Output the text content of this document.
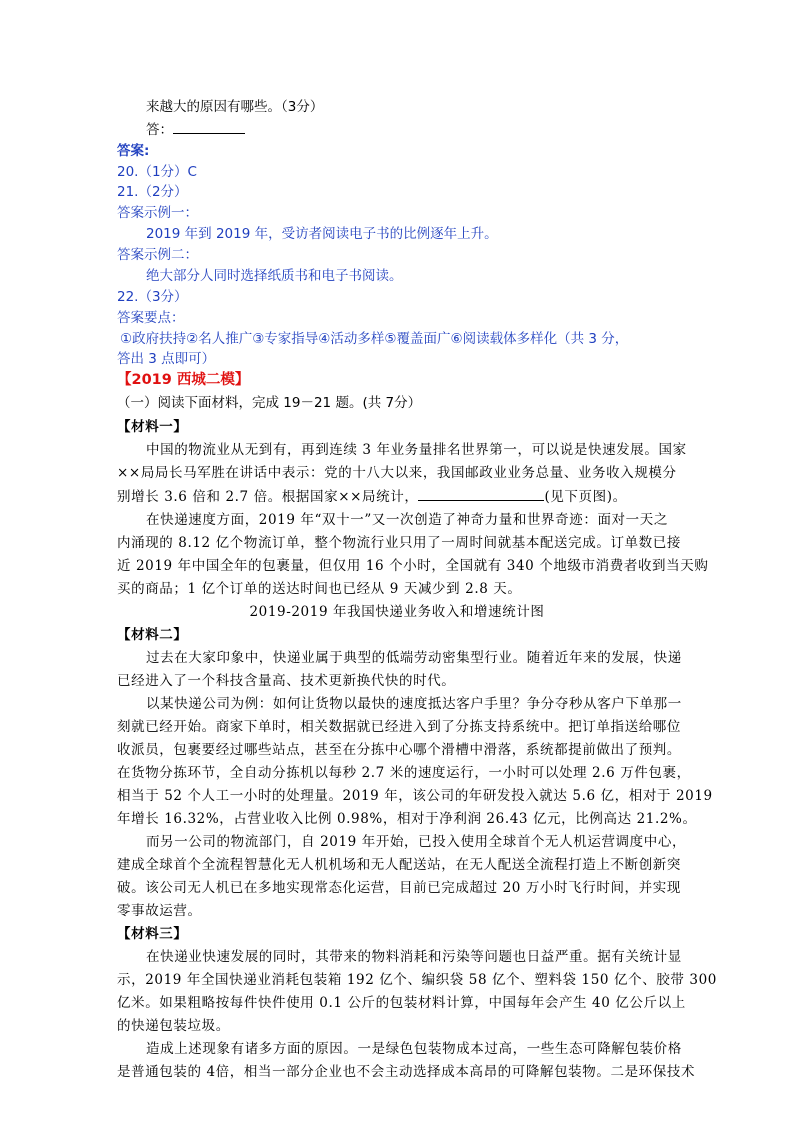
来越大的原因有哪些。（3分）
答：
答案:
20.（1分）C
21.（2分）
答案示例一：
2019 年到 2019 年，受访者阅读电子书的比例逐年上升。
答案示例二：
绝大部分人同时选择纸质书和电子书阅读。
22.（3分）
答案要点：
①政府扶持②名人推广③专家指导④活动多样⑤覆盖面广⑥阅读载体多样化（共 3 分，
答出 3 点即可）
【2019 西城二模】
（一）阅读下面材料，完成 19－21 题。(共 7分）
【材料一】
中国的物流业从无到有，再到连续 3 年业务量排名世界第一，可以说是快速发展。国家
××局局长马军胜在讲话中表示：党的十八大以来，我国邮政业业务总量、业务收入规模分
别增长 3.6 倍和 2.7 倍。根据国家××局统计，	(见下页图)。
在快递速度方面，2019 年“双十一”又一次创造了神奇力量和世界奇迹：面对一天之
内涌现的 8.12 亿个物流订单，整个物流行业只用了一周时间就基本配送完成。订单数已接
近 2019 年中国全年的包裹量，但仅用 16 个小时，全国就有 340 个地级市消费者收到当天购
买的商品；1 亿个订单的送达时间也已经从 9 天减少到 2.8 天。
2019-2019 年我国快递业务收入和增速统计图
【材料二】
过去在大家印象中，快递业属于典型的低端劳动密集型行业。随着近年来的发展，快递
已经进入了一个科技含量高、技术更新换代快的时代。
以某快递公司为例：如何让货物以最快的速度抵达客户手里？争分夺秒从客户下单那一
刻就已经开始。商家下单时，相关数据就已经进入到了分拣支持系统中。把订单指送给哪位
收派员，包裹要经过哪些站点，甚至在分拣中心哪个滑槽中滑落，系统都提前做出了预判。
在货物分拣环节，全自动分拣机以每秒 2.7 米的速度运行，一小时可以处理 2.6 万件包裹，
相当于 52 个人工一小时的处理量。2019 年，该公司的年研发投入就达 5.6 亿，相对于 2019
年增长 16.32%，占营业收入比例 0.98%，相对于净利润 26.43 亿元，比例高达 21.2%。
而另一公司的物流部门，自 2019 年开始，已投入使用全球首个无人机运营调度中心，
建成全球首个全流程智慧化无人机机场和无人配送站，在无人配送全流程打造上不断创新突
破。该公司无人机已在多地实现常态化运营，目前已完成超过 20 万小时飞行时间，并实现
零事故运营。
【材料三】
在快递业快速发展的同时，其带来的物料消耗和污染等问题也日益严重。据有关统计显
示，2019 年全国快递业消耗包装箱 192 亿个、编织袋 58 亿个、塑料袋 150 亿个、胶带 300
亿米。如果粗略按每件快件使用 0.1 公斤的包装材料计算，中国每年会产生 40 亿公斤以上
的快递包装垃圾。
造成上述现象有诸多方面的原因。一是绿色包装物成本过高，一些生态可降解包装价格
是普通包装的 4倍，相当一部分企业也不会主动选择成本高昂的可降解包装物。二是环保技术
